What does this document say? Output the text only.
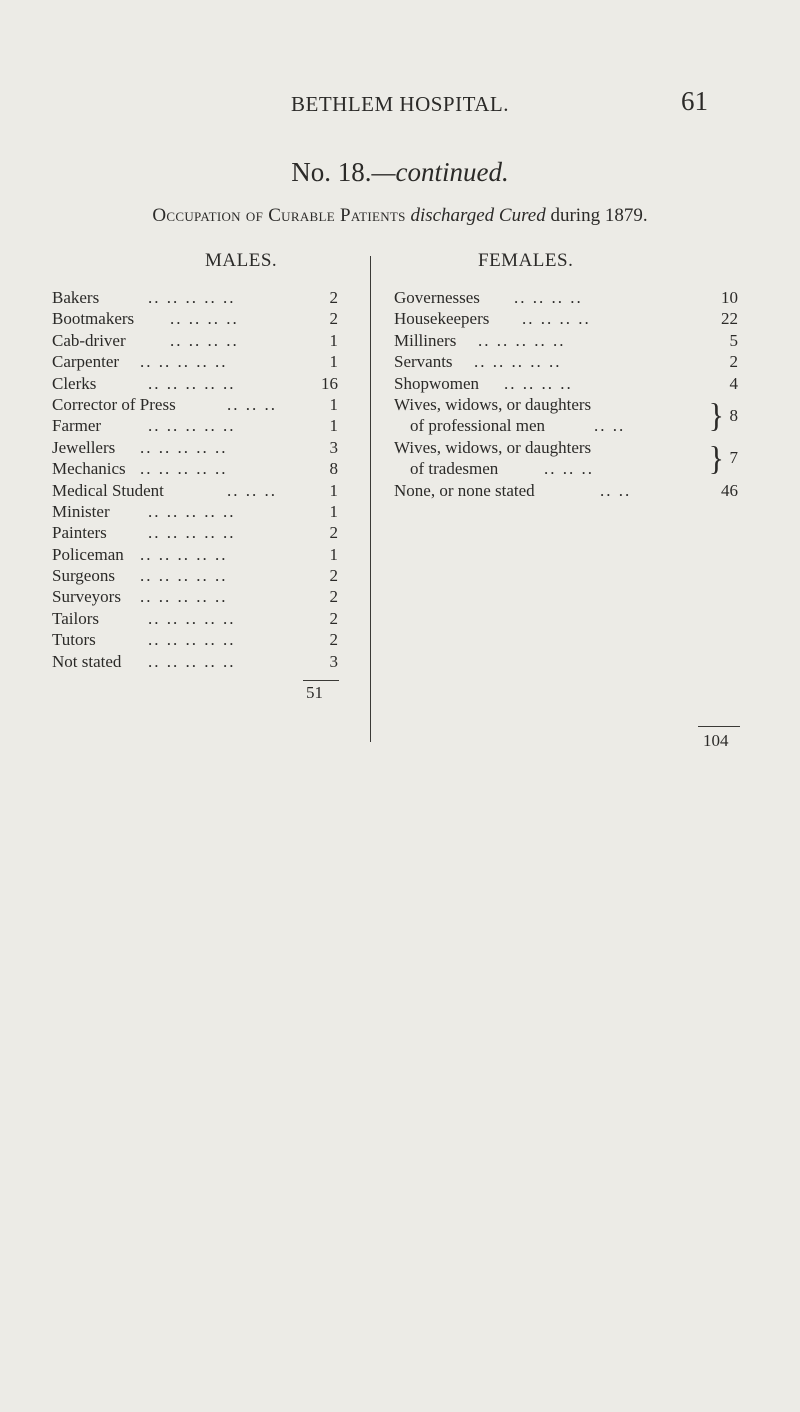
BETHLEM HOSPITAL.	61
No. 18.—continued.
Occupation of Curable Patients discharged Cured during 1879.
MALES.	FEMALES.
Bakers	.. .. .. .. ..	2
Bootmakers .. .. .. ..	2
Cab-driver	.. .. .. ..	1
Carpenter .. .. .. .. ..	1
Clerks	.. .. .. .. ..	16
Corrector of Press	.. .. ..	1
Farmer	.. .. .. .. ..	1
Jewellers .. .. .. .. ..	3
Mechanics .. .. .. .. ..	8
Medical Student	.. .. ..	1
Minister .. .. .. .. ..	1
Painters .. .. .. .. ..	2
Policeman .. .. .. .. ..	1
Surgeons .. .. .. .. ..	2
Surveyors .. .. .. .. ..	2
Tailors	.. .. .. .. ..	2
Tutors	.. .. .. .. ..	2
Not stated .. .. .. .. ..	3
51
Governesses .. .. .. ..	10
Housekeepers .. .. .. ..	22
Milliners .. .. .. .. ..	5
Servants .. .. .. .. ..	2
Shopwomen .. .. .. ..	4
Wives, widows, or daughters
of professional men	.. ..	} 8
Wives, widows, or daughters
of tradesmen	.. .. ..	} 7
None, or none stated	.. ..	46
104
